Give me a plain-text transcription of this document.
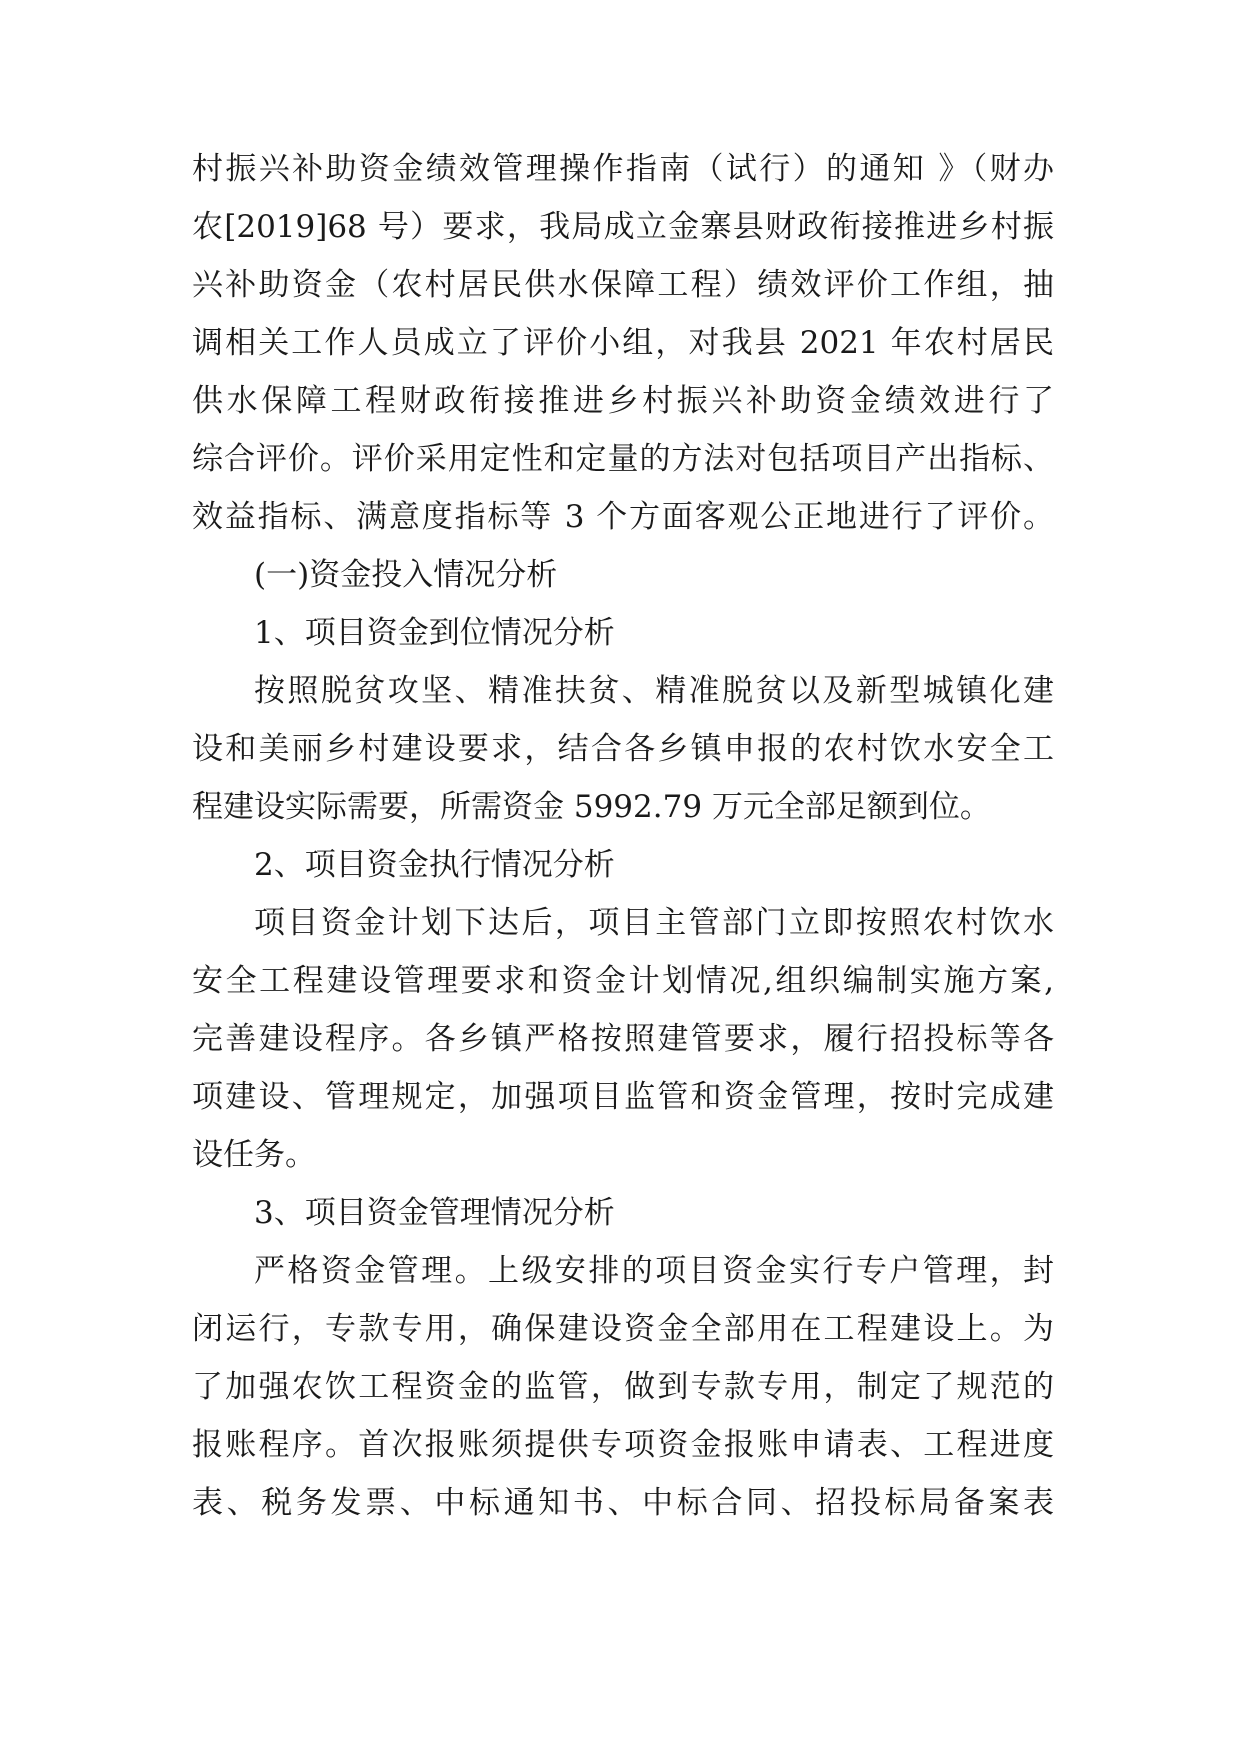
村振兴补助资金绩效管理操作指南（试行）的通知 》（财办
农[2019]68 号）要求，我局成立金寨县财政衔接推进乡村振
兴补助资金（农村居民供水保障工程）绩效评价工作组，抽
调相关工作人员成立了评价小组，对我县 2021 年农村居民
供水保障工程财政衔接推进乡村振兴补助资金绩效进行了
综合评价。评价采用定性和定量的方法对包括项目产出指标、
效益指标、满意度指标等 3 个方面客观公正地进行了评价。
(一)资金投入情况分析
1、项目资金到位情况分析
按照脱贫攻坚、精准扶贫、精准脱贫以及新型城镇化建
设和美丽乡村建设要求，结合各乡镇申报的农村饮水安全工
程建设实际需要，所需资金 5992.79 万元全部足额到位。
2、项目资金执行情况分析
项目资金计划下达后，项目主管部门立即按照农村饮水
安全工程建设管理要求和资金计划情况,组织编制实施方案,
完善建设程序。各乡镇严格按照建管要求，履行招投标等各
项建设、管理规定，加强项目监管和资金管理，按时完成建
设任务。
3、项目资金管理情况分析
严格资金管理。上级安排的项目资金实行专户管理，封
闭运行，专款专用，确保建设资金全部用在工程建设上。为
了加强农饮工程资金的监管，做到专款专用，制定了规范的
报账程序。首次报账须提供专项资金报账申请表、工程进度
表、税务发票、中标通知书、中标合同、招投标局备案表
